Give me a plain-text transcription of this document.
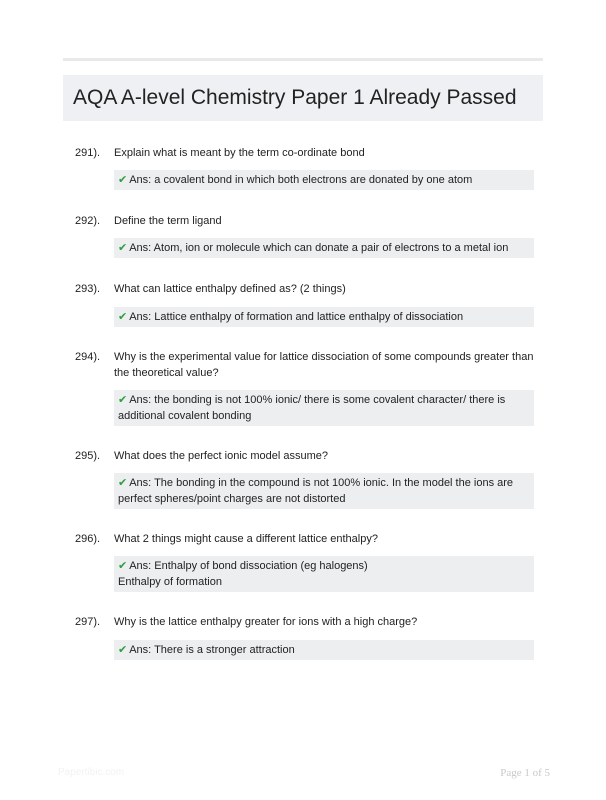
AQA A-level Chemistry Paper 1 Already Passed
291). Explain what is meant by the term co-ordinate bond
✔ Ans: a covalent bond in which both electrons are donated by one atom
292). Define the term ligand
✔ Ans: Atom, ion or molecule which can donate a pair of electrons to a metal ion
293). What can lattice enthalpy defined as? (2 things)
✔ Ans: Lattice enthalpy of formation and lattice enthalpy of dissociation
294). Why is the experimental value for lattice dissociation of some compounds greater than the theoretical value?
✔ Ans: the bonding is not 100% ionic/ there is some covalent character/ there is additional covalent bonding
295). What does the perfect ionic model assume?
✔ Ans: The bonding in the compound is not 100% ionic. In the model the ions are perfect spheres/point charges are not distorted
296). What 2 things might cause a different lattice enthalpy?
✔ Ans: Enthalpy of bond dissociation (eg halogens)
Enthalpy of formation
297). Why is the lattice enthalpy greater for ions with a high charge?
✔ Ans: There is a stronger attraction
Papertibic.com	Page 1 of 5
